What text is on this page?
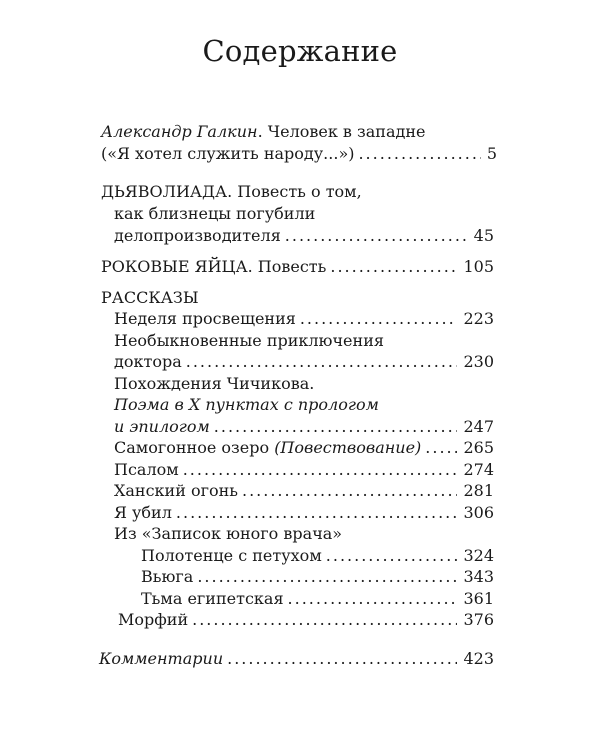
Содержание
Александр Галкин . Человек в западне
(«Я хотел служить народу...») .....	5
ДЬЯВОЛИАДА. Повесть о том,
как близнецы погубили
делопроизводителя .....	45
РОКОВЫЕ ЯЙЦА. Повесть .....	105
РАССКАЗЫ
Неделя просвещения .....	223
Необыкновенные приключения
доктора .....	230
Похождения Чичикова.
Поэма в X пунктах с прологом
и эпилогом .....	247
Самогонное озеро (Повествование) .....	265
Псалом .....	274
Ханский огонь .....	281
Я убил .....	306
Из «Записок юного врача»
Полотенце с петухом .....	324
Вьюга .....	343
Тьма египетская .....	361
Морфий .....	376
Комментарии .....	423
